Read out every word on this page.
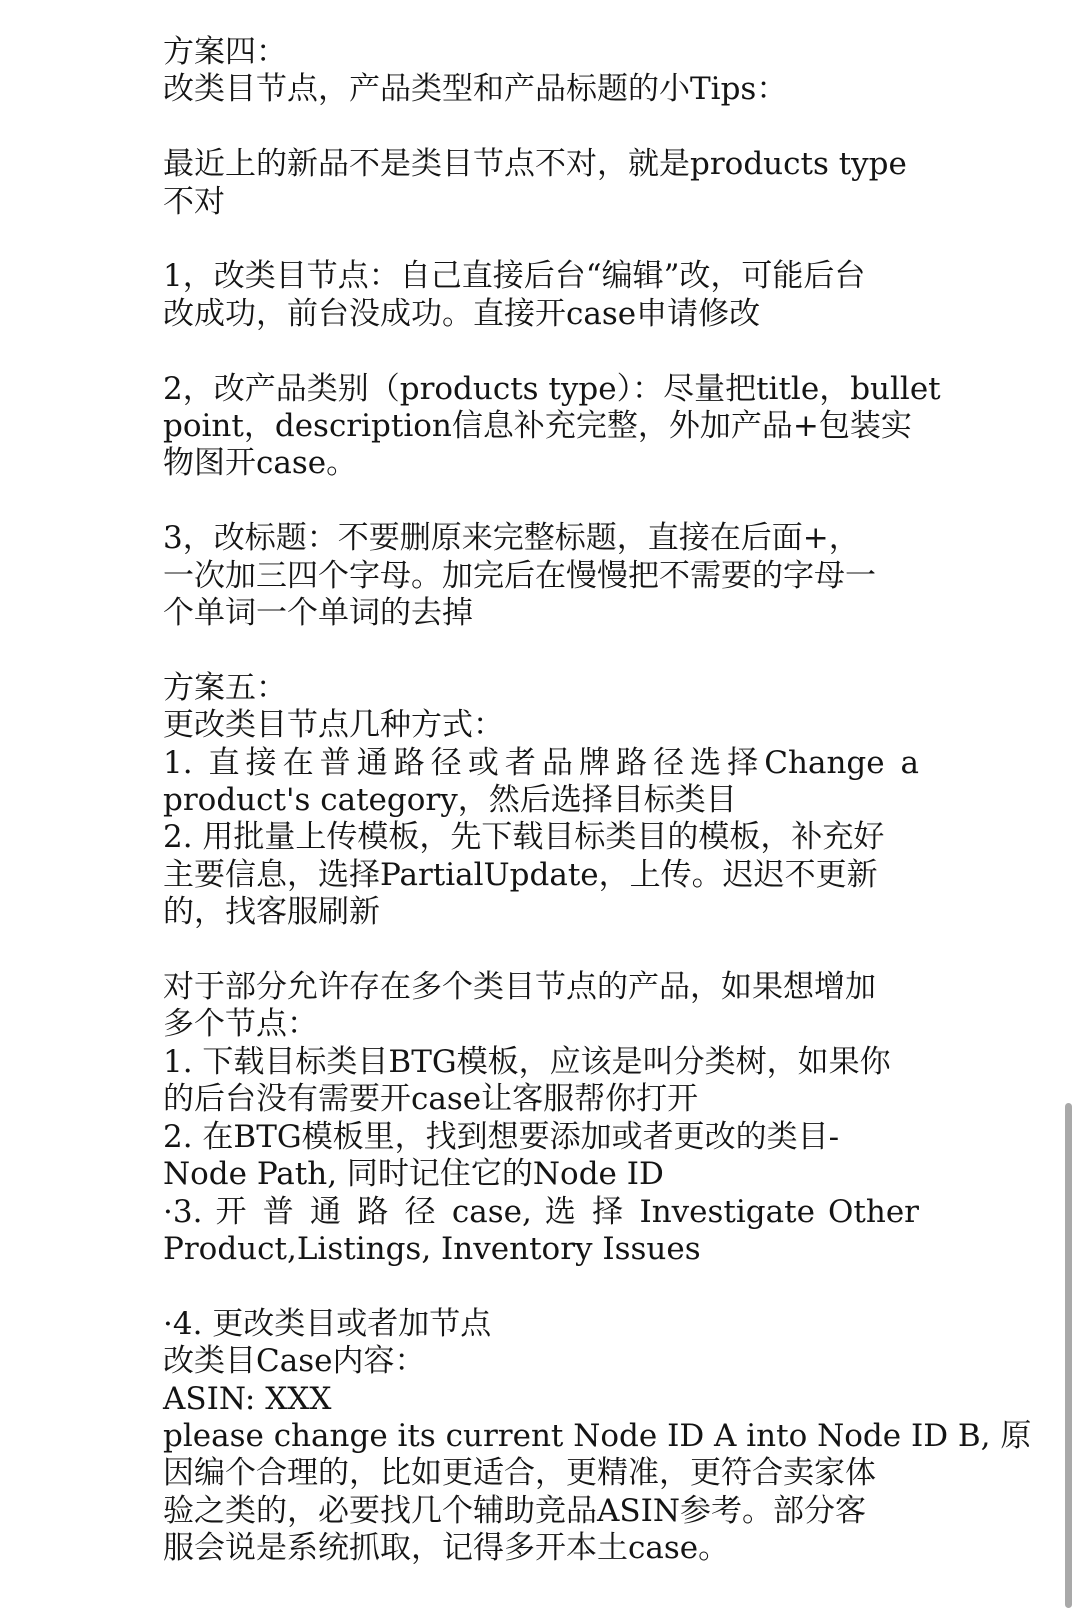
方案四：
改类目节点，产品类型和产品标题的小Tips：
最近上的新品不是类目节点不对，就是products type
不对
1，改类目节点：自己直接后台“编辑”改，可能后台
改成功，前台没成功。直接开case申请修改
2，改产品类别（products type）：尽量把title，bullet
point，description信息补充完整，外加产品+包装实
物图开case。
3，改标题：不要删原来完整标题，直接在后面+，
一次加三四个字母。加完后在慢慢把不需要的字母一
个单词一个单词的去掉
方案五：
更改类目节点几种方式：
1. 直接在普通路径或者品牌路径选择Change a
product's category，然后选择目标类目
2. 用批量上传模板，先下载目标类目的模板，补充好
主要信息，选择PartialUpdate，上传。迟迟不更新
的，找客服刷新
对于部分允许存在多个类目节点的产品，如果想增加
多个节点：
1. 下载目标类目BTG模板，应该是叫分类树，如果你
的后台没有需要开case让客服帮你打开
2. 在BTG模板里，找到想要添加或者更改的类目-
Node Path, 同时记住它的Node ID
·3. 开 普 通 路 径 case, 选 择 Investigate Other
Product,Listings, Inventory Issues
·4. 更改类目或者加节点
改类目Case内容：
ASIN: XXX
please change its current Node ID A into Node ID B, 原
因编个合理的，比如更适合，更精准，更符合卖家体
验之类的，必要找几个辅助竞品ASIN参考。部分客
服会说是系统抓取，记得多开本土case。
